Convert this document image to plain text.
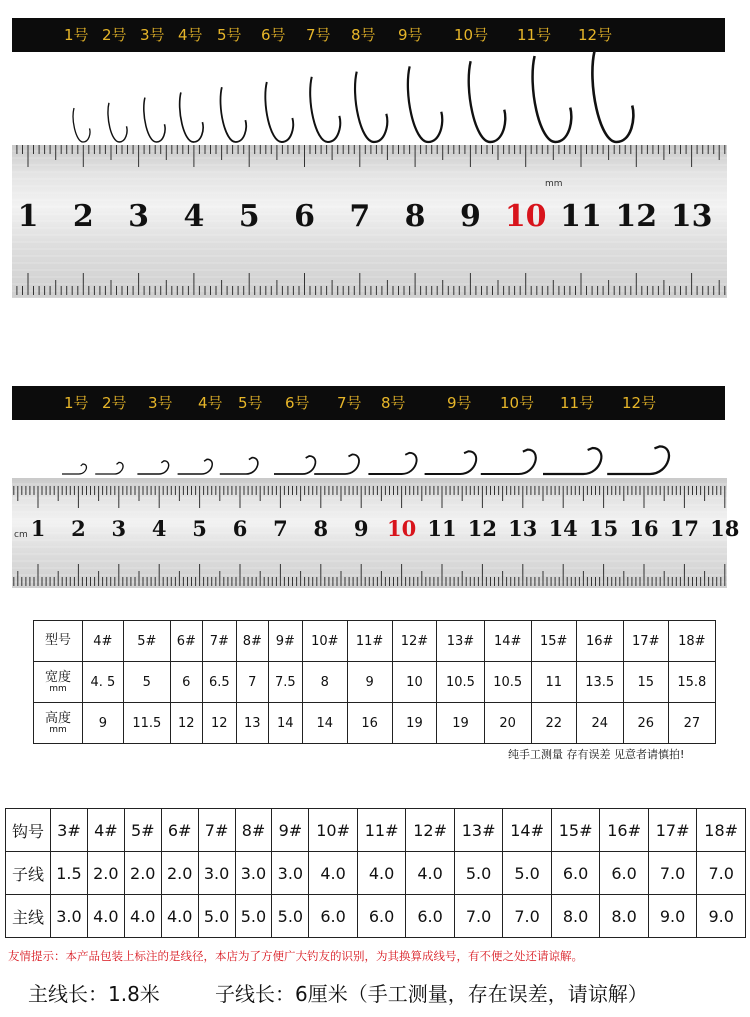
1号 2号 3号 4号 5号 6号 7号 8号 9号 10号 11号 12号
mm
1 2 3 4 5 6 7 8 9 10 11 12 13
1号 2号 3号 4号 5号 6号 7号 8号	9号 10号 11号 12号
cm 1 2 3 4 5 6 7 8 9 10 11 12 13 14 15 16 17 18
型号	4#	5#	6#	7#	8#	9#	10#	11#	12#	13#	14#	15#	16#	17#	18#
宽度
mm	4. 5	5	6	6.5	7	7.5	8	9	10	10.5	10.5	11	13.5	15	15.8
高度
mm	9	11.5	12	12	13	14	14	16	19	19	20	22	24	26	27
纯手工测量 存有误差 见意者请慎拍!
钩号	3#	4#	5#	6#	7#	8#	9#	10#	11#	12#	13#	14#	15#	16#	17#	18#
子线	1.5	2.0	2.0	2.0	3.0	3.0	3.0	4.0	4.0	4.0	5.0	5.0	6.0	6.0	7.0	7.0
主线	3.0	4.0	4.0	4.0	5.0	5.0	5.0	6.0	6.0	6.0	7.0	7.0	8.0	8.0	9.0	9.0
友情提示：本产品包装上标注的是线径，本店为了方便广大钓友的识别，为其换算成线号，有不便之处还请谅解。
主线长：1.8米	子线长：6厘米（手工测量，存在误差，请谅解）
